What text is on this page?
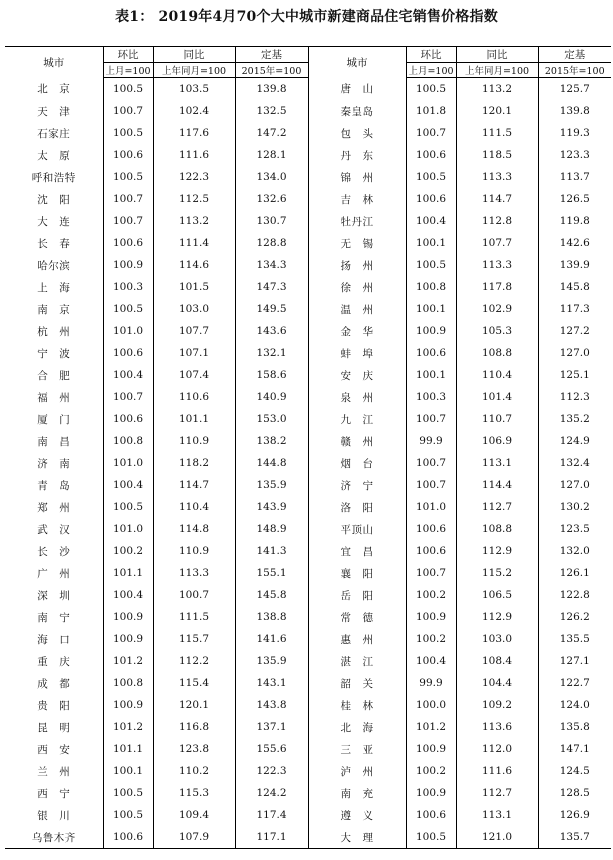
表1： 2019年4月70个大中城市新建商品住宅销售价格指数
城市	环比	同比	定基	城市	环比	同比	定基
	上月=100	上年同月=100	2015年=100		上月=100	上年同月=100	2015年=100
北　京	100.5	103.5	139.8	唐　山	100.5	113.2	125.7
天　津	100.7	102.4	132.5	秦皇岛	101.8	120.1	139.8
石家庄	100.5	117.6	147.2	包　头	100.7	111.5	119.3
太　原	100.6	111.6	128.1	丹　东	100.6	118.5	123.3
呼和浩特	100.5	122.3	134.0	锦　州	100.5	113.3	113.7
沈　阳	100.7	112.5	132.6	吉　林	100.6	114.7	126.5
大　连	100.7	113.2	130.7	牡丹江	100.4	112.8	119.8
长　春	100.6	111.4	128.8	无　锡	100.1	107.7	142.6
哈尔滨	100.9	114.6	134.3	扬　州	100.5	113.3	139.9
上　海	100.3	101.5	147.3	徐　州	100.8	117.8	145.8
南　京	100.5	103.0	149.5	温　州	100.1	102.9	117.3
杭　州	101.0	107.7	143.6	金　华	100.9	105.3	127.2
宁　波	100.6	107.1	132.1	蚌　埠	100.6	108.8	127.0
合　肥	100.4	107.4	158.6	安　庆	100.1	110.4	125.1
福　州	100.7	110.6	140.9	泉　州	100.3	101.4	112.3
厦　门	100.6	101.1	153.0	九　江	100.7	110.7	135.2
南　昌	100.8	110.9	138.2	赣　州	99.9	106.9	124.9
济　南	101.0	118.2	144.8	烟　台	100.7	113.1	132.4
青　岛	100.4	114.7	135.9	济　宁	100.7	114.4	127.0
郑　州	100.5	110.4	143.9	洛　阳	101.0	112.7	130.2
武　汉	101.0	114.8	148.9	平顶山	100.6	108.8	123.5
长　沙	100.2	110.9	141.3	宜　昌	100.6	112.9	132.0
广　州	101.1	113.3	155.1	襄　阳	100.7	115.2	126.1
深　圳	100.4	100.7	145.8	岳　阳	100.2	106.5	122.8
南　宁	100.9	111.5	138.8	常　德	100.9	112.9	126.2
海　口	100.9	115.7	141.6	惠　州	100.2	103.0	135.5
重　庆	101.2	112.2	135.9	湛　江	100.4	108.4	127.1
成　都	100.8	115.4	143.1	韶　关	99.9	104.4	122.7
贵　阳	100.9	120.1	143.8	桂　林	100.0	109.2	124.0
昆　明	101.2	116.8	137.1	北　海	101.2	113.6	135.8
西　安	101.1	123.8	155.6	三　亚	100.9	112.0	147.1
兰　州	100.1	110.2	122.3	泸　州	100.2	111.6	124.5
西　宁	100.5	115.3	124.2	南　充	100.9	112.7	128.5
银　川	100.5	109.4	117.4	遵　义	100.6	113.1	126.9
乌鲁木齐	100.6	107.9	117.1	大　理	100.5	121.0	135.7
